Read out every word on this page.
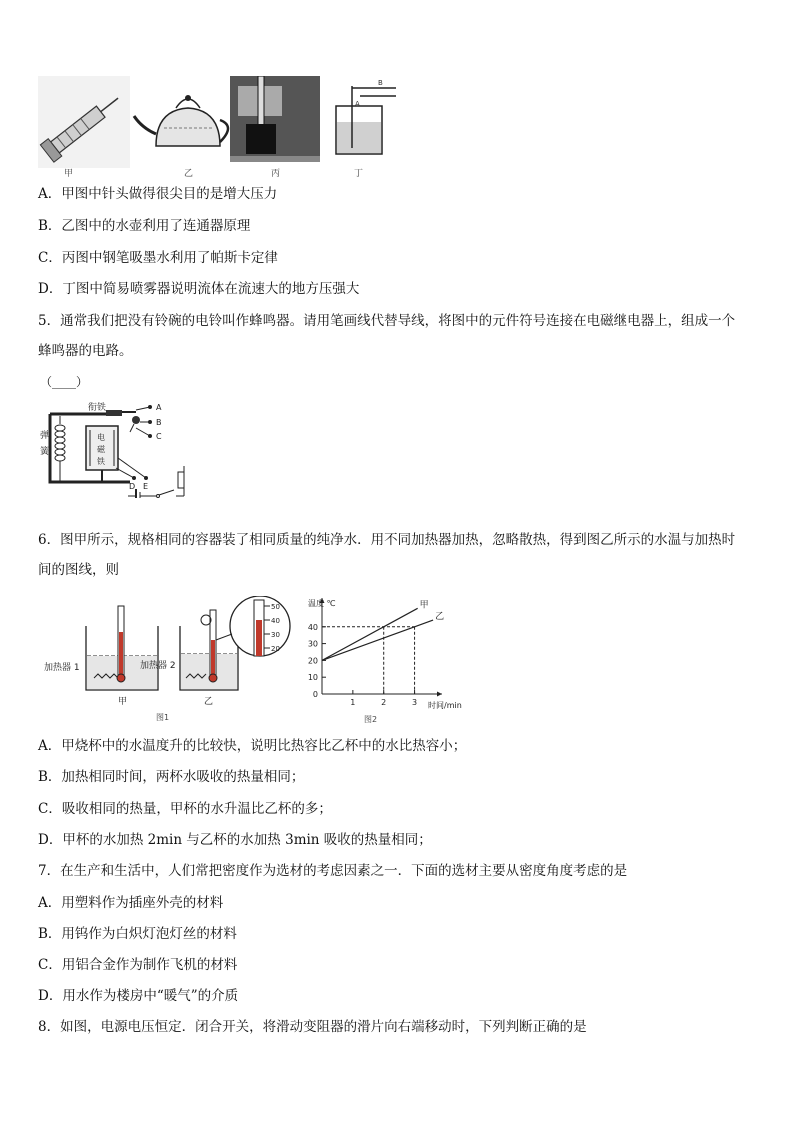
B
A
甲	乙	丙	丁
A．甲图中针头做得很尖目的是增大压力
B．乙图中的水壶利用了连通器原理
C．丙图中钢笔吸墨水利用了帕斯卡定律
D．丁图中简易喷雾器说明流体在流速大的地方压强大
5．通常我们把没有铃碗的电铃叫作蜂鸣器。请用笔画线代替导线，将图中的元件符号连接在电磁继电器上，组成一个
蜂鸣器的电路。
（____）
衔铁
弹
簧
电
磁
铁
A
B
C
D E
6．图甲所示，规格相同的容器装了相同质量的纯净水．用不同加热器加热，忽略散热，得到图乙所示的水温与加热时
间的图线，则
50
40
30
20
加热器 1	加热器 2
甲	乙
图1
0
10
20
30
40
1	2	3
甲
乙
温度 ℃
时间/min
图2
A．甲烧杯中的水温度升的比较快，说明比热容比乙杯中的水比热容小；
B．加热相同时间，两杯水吸收的热量相同；
C．吸收相同的热量，甲杯的水升温比乙杯的多；
D．甲杯的水加热 2min 与乙杯的水加热 3min 吸收的热量相同；
7．在生产和生活中，人们常把密度作为选材的考虑因素之一．下面的选材主要从密度角度考虑的是
A．用塑料作为插座外壳的材料
B．用钨作为白炽灯泡灯丝的材料
C．用铝合金作为制作飞机的材料
D．用水作为楼房中“暖气”的介质
8．如图，电源电压恒定．闭合开关，将滑动变阻器的滑片向右端移动时，下列判断正确的是
